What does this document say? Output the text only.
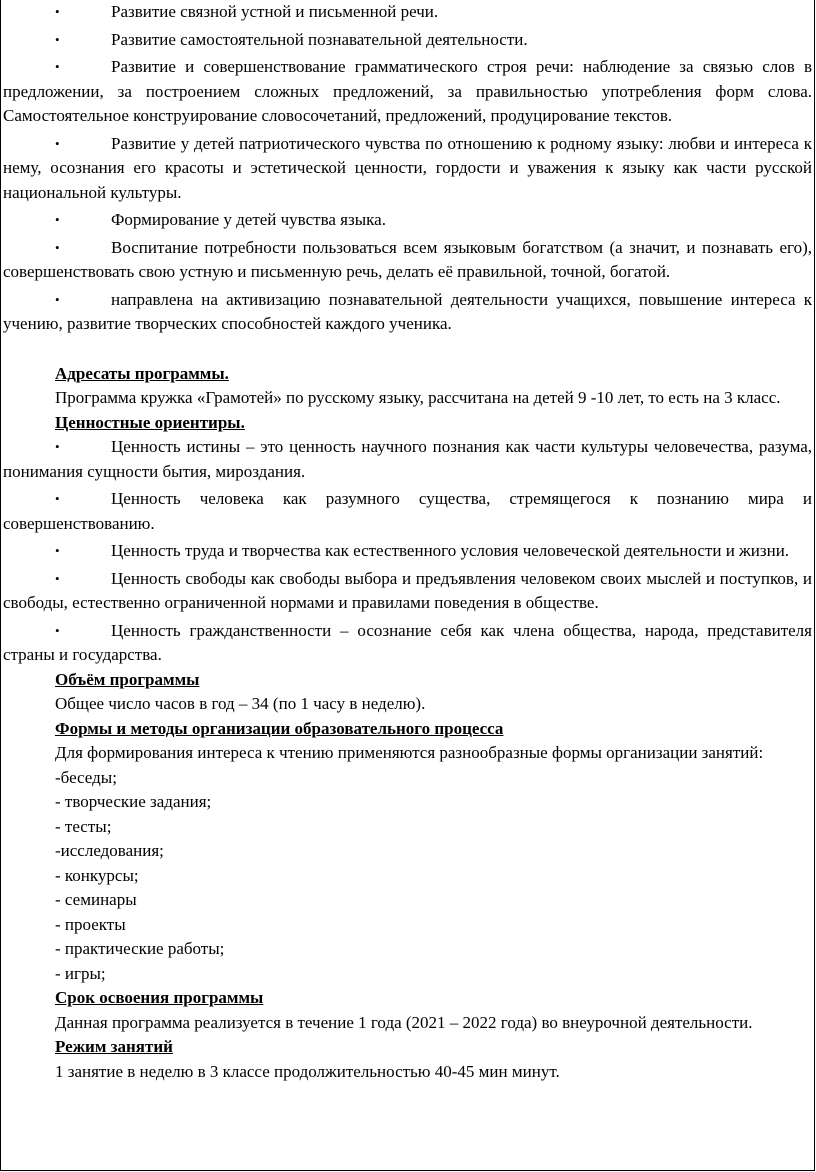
•	Развитие связной устной и письменной речи.

•	Развитие самостоятельной познавательной деятельности.

•	Развитие и совершенствование грамматического строя речи: наблюдение за связью слов в предложении, за построением сложных предложений, за правильностью употребления форм слова. Самостоятельное конструирование словосочетаний, предложений, продуцирование текстов.

•	Развитие у детей патриотического чувства по отношению к родному языку: любви и интереса к нему, осознания его красоты и эстетической ценности, гордости и уважения к языку как части русской национальной культуры.

•	Формирование у детей чувства языка.

•	Воспитание потребности пользоваться всем языковым богатством (а значит, и познавать его), совершенствовать свою устную и письменную речь, делать её правильной, точной, богатой.

•	направлена на активизацию познавательной деятельности учащихся, повышение интереса к учению, развитие творческих способностей каждого ученика.

Адресаты программы.

Программа кружка «Грамотей» по русскому языку, рассчитана на детей 9 -10 лет, то есть на 3 класс.

Ценностные ориентиры.

•	Ценность истины – это ценность научного познания как части культуры человечества, разума, понимания сущности бытия, мироздания.

•	Ценность человека как разумного существа, стремящегося к познанию мира и совершенствованию.

•	Ценность труда и творчества как естественного условия человеческой деятельности и жизни.

•	Ценность свободы как свободы выбора и предъявления человеком своих мыслей и поступков, и свободы, естественно ограниченной нормами и правилами поведения в обществе.

•	Ценность гражданственности – осознание себя как члена общества, народа, представителя страны и государства.

Объём программы

Общее число часов в год – 34 (по 1 часу в неделю).

Формы и методы организации образовательного процесса

Для формирования интереса к чтению применяются разнообразные формы организации занятий:

-беседы;

- творческие задания;

- тесты;

-исследования;

- конкурсы;

- семинары

- проекты

- практические работы;

- игры;

Срок освоения программы

Данная программа реализуется в течение 1 года (2021 – 2022 года) во внеурочной деятельности.

Режим занятий

1 занятие в неделю в 3 классе продолжительностью 40-45 мин минут.
